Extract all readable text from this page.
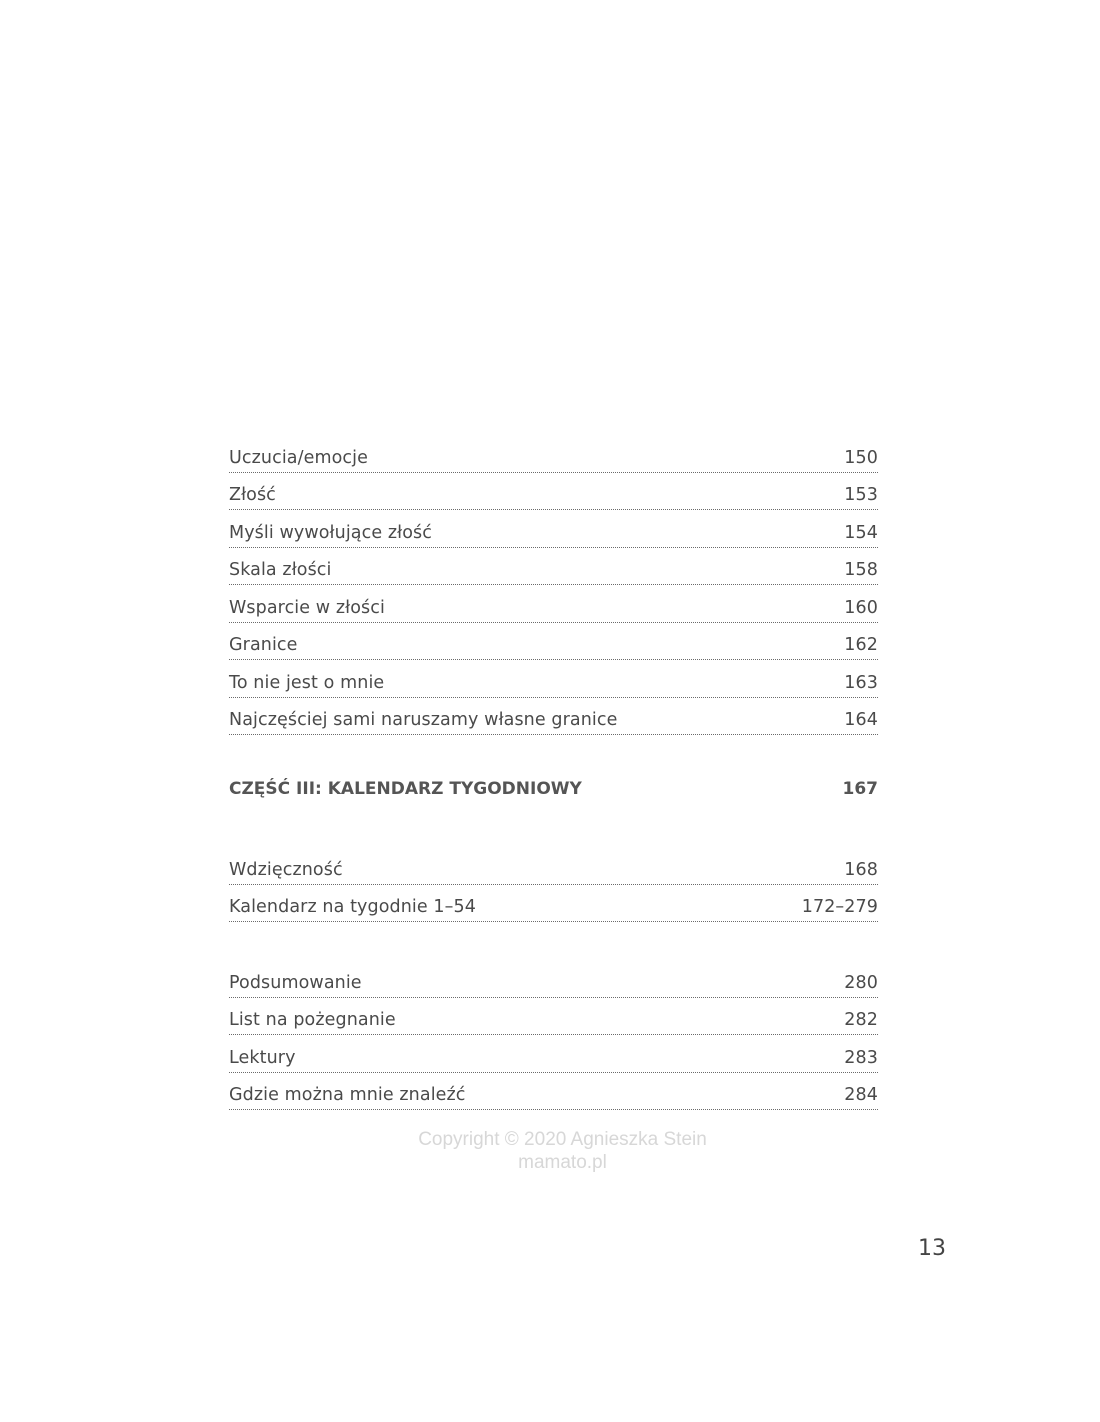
Uczucia/emocje	150
Złość	153
Myśli wywołujące złość	154
Skala złości	158
Wsparcie w złości	160
Granice	162
To nie jest o mnie	163
Najczęściej sami naruszamy własne granice	164
CZĘŚĆ III: KALENDARZ TYGODNIOWY	167
Wdzięczność	168
Kalendarz na tygodnie 1–54	172–279
Podsumowanie	280
List na pożegnanie	282
Lektury	283
Gdzie można mnie znaleźć	284
Copyright © 2020 Agnieszka Stein
mamato.pl
13
